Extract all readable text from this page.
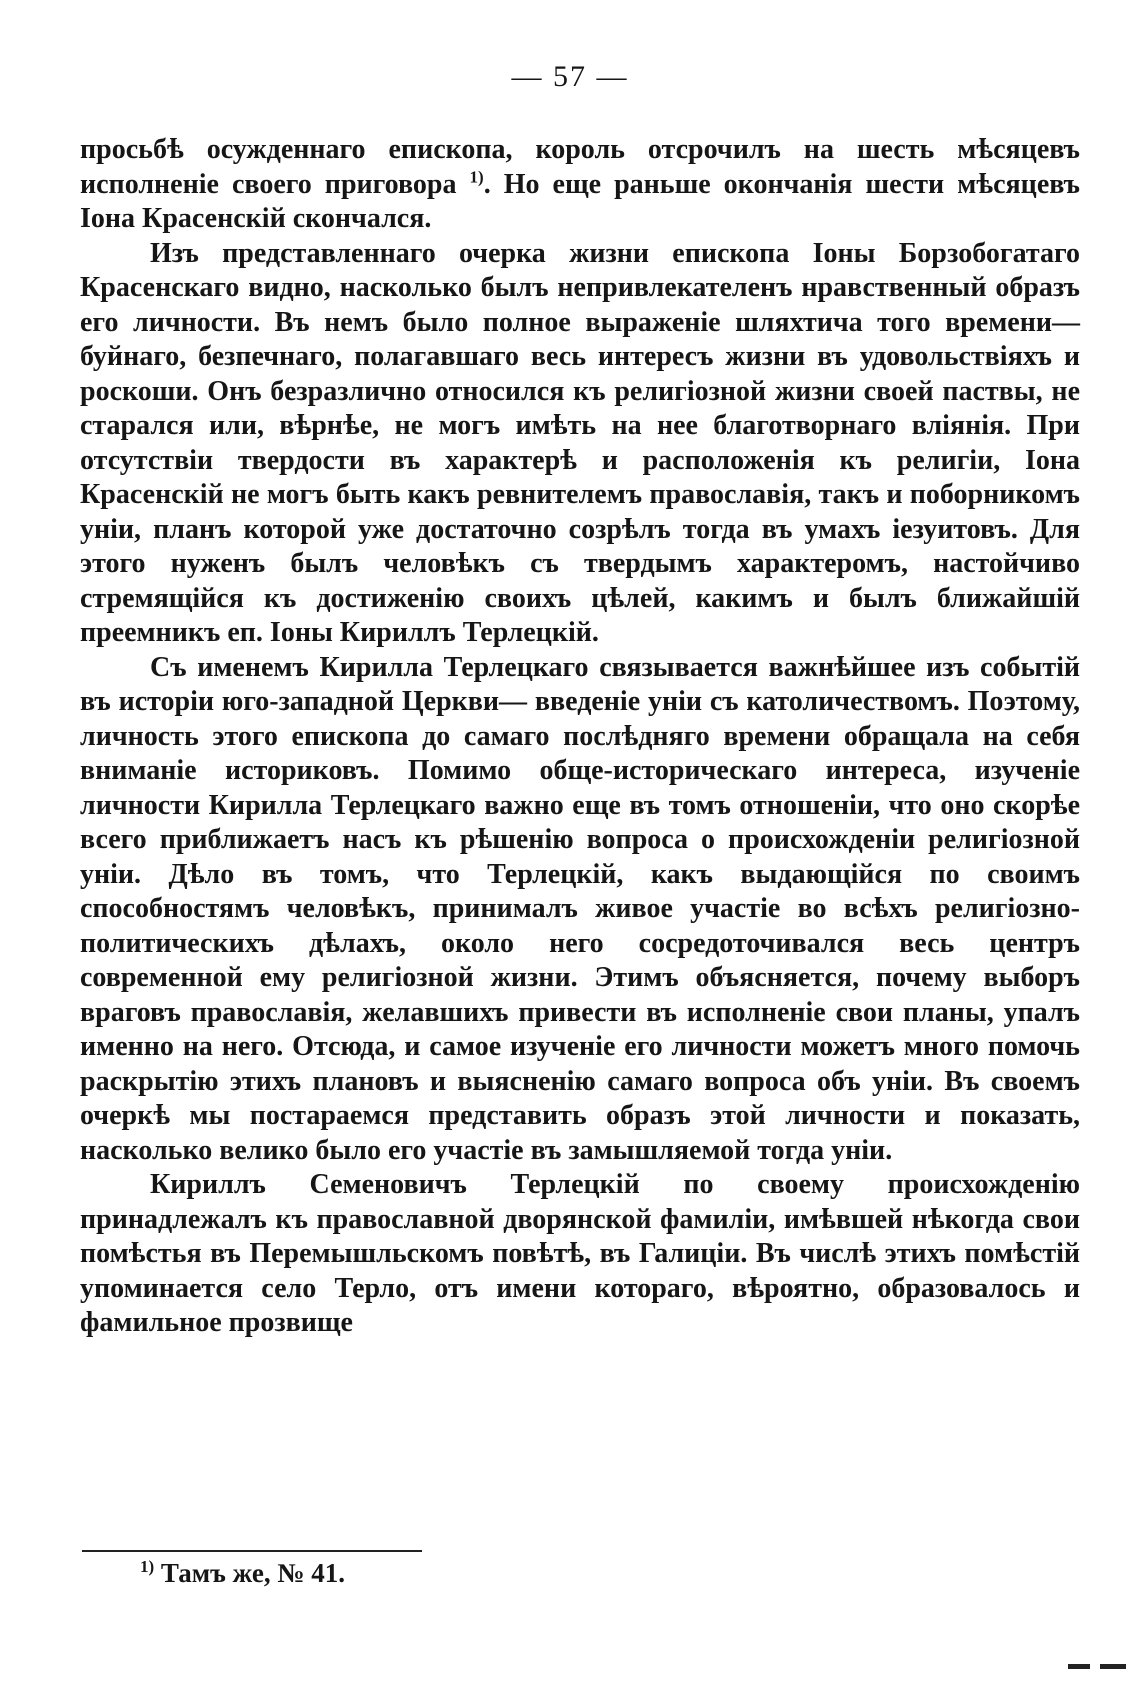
— 57 —

просьбѣ осужденнаго епископа, король отсрочилъ на шесть мѣсяцевъ исполненіе своего приговора $^{1)}$. Но еще раньше окончанія шести мѣсяцевъ Іона Красенскій скончался.

Изъ представленнаго очерка жизни епископа Іоны Борзобогатаго Красенскаго видно, насколько былъ непривлекателенъ нравственный образъ его личности. Въ немъ было полное выраженіе шляхтича того времени—буйнаго, безпечнаго, полагавшаго весь интересъ жизни въ удовольствіяхъ и роскоши. Онъ безразлично относился къ религіозной жизни своей паствы, не старался или, вѣрнѣе, не могъ имѣть на нее благотворнаго вліянія. При отсутствіи твердости въ характерѣ и расположенія къ религіи, Іона Красенскій не могъ быть какъ ревнителемъ православія, такъ и поборникомъ уніи, планъ которой уже достаточно созрѣлъ тогда въ умахъ іезуитовъ. Для этого нуженъ былъ человѣкъ съ твердымъ характеромъ, настойчиво стремящійся къ достиженію своихъ цѣлей, какимъ и былъ ближайшій преемникъ еп. Іоны Кириллъ Терлецкій.

Съ именемъ Кирилла Терлецкаго связывается важнѣйшее изъ событій въ исторіи юго-западной Церкви— введеніе уніи съ католичествомъ. Поэтому, личность этого епископа до самаго послѣдняго времени обращала на себя вниманіе историковъ. Помимо обще-историческаго интереса, изученіе личности Кирилла Терлецкаго важно еще въ томъ отношеніи, что оно скорѣе всего приближаетъ насъ къ рѣшенію вопроса о происхожденіи религіозной уніи. Дѣло въ томъ, что Терлецкій, какъ выдающійся по своимъ способностямъ человѣкъ, принималъ живое участіе во всѣхъ религіозно-политическихъ дѣлахъ, около него сосредоточивался весь центръ современной ему религіозной жизни. Этимъ объясняется, почему выборъ враговъ православія, желавшихъ привести въ исполненіе свои планы, упалъ именно на него. Отсюда, и самое изученіе его личности можетъ много помочь раскрытію этихъ плановъ и выясненію самаго вопроса объ уніи. Въ своемъ очеркѣ мы постараемся представить образъ этой личности и показать, насколько велико было его участіе въ замышляемой тогда уніи.

Кириллъ Семеновичъ Терлецкій по своему происхожденію принадлежалъ къ православной дворянской фамиліи, имѣвшей нѣкогда свои помѣстья въ Перемышльскомъ повѣтѣ, въ Галиціи. Въ числѣ этихъ помѣстій упоминается село Терло, отъ имени котораго, вѣроятно, образовалось и фамильное прозвище

$^{1)}$ Тамъ же, № 41.
